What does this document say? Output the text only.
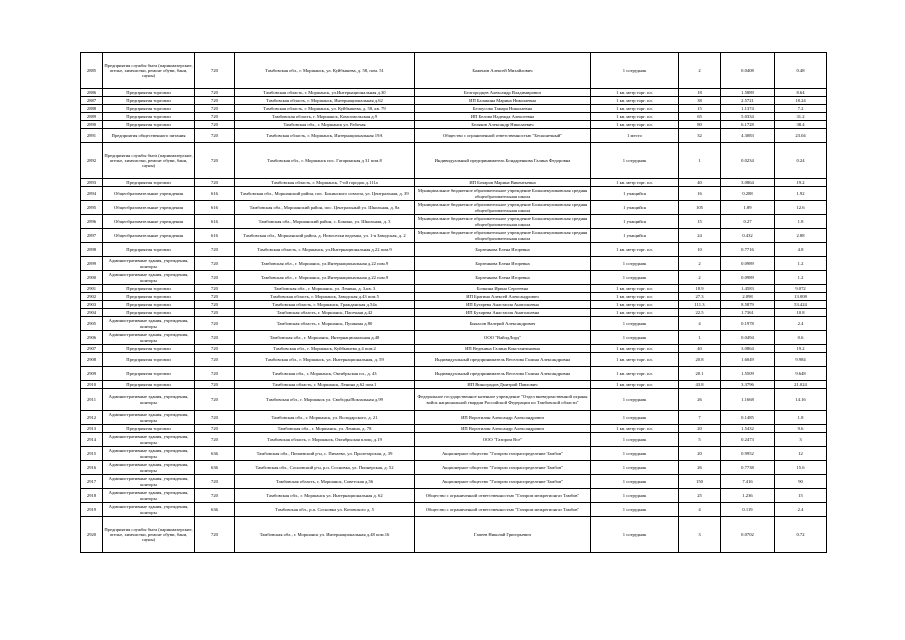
2885	Предприятия службы быта (парикмахерские, ателье, химчистки, ремонт обуви, бани, сауны)	720	Тамбовская обл., г. Моршанск, ул. Куйбышева, д. 58, пом. 51	Баженов Алексей Михайлович	1 сотрудник	2	0.0408	0.48
2886	Предприятия торговли	720	Тамбовская область, г. Моршанск, ул.Интернациональная д.30	Белгородцев Александр Владимирович	1 кв. метр торг. пл.	18	1.5889	8.64
2887	Предприятия торговли	720	Тамбовская область, г. Моршанск, Интернациональная д.62	ИП Балакина Марина Николаевна	1 кв. метр торг. пл.	38	2.5721	18.24
2888	Предприятия торговли	720	Тамбовская область, г. Моршанск, ул. Куйбышева, д. 58, кв. 79	Белоусова Тамара Николаевна	1 кв. метр торг. пл.	15	1.1374	7.2
2889	Предприятия торговли	720	Тамбовская область, г. Моршанск, Комсомольская д.9	ИП Белова Надежда Алексеевна	1 кв. метр торг. пл.	65	5.0334	31.2
2890	Предприятия торговли	720	Тамбовская обл., г. Моршанск ул. Рабочая	Беляков Александр Николаевич	1 кв. метр торг. пл.	80	6.1728	38.4
2891	Предприятия общественного питания	720	Тамбовская область, г. Моршанск, Интернациональная 19А	Общество с ограниченной ответственностью "Бесконечный"	1 место	32	4.3083	23.04
2892	Предприятия службы быта (парикмахерские, ателье, химчистки, ремонт обуви, бани, сауны)	720	Тамбовская обл., г. Моршанск пос. Гагаринская д 31 пом.8	Индивидуальный предприниматель Бондаренкова Галина Федоровна	1 сотрудник	1	0.0234	0.24
2893	Предприятия торговли	720	Тамбовская область, г. Моршанск, 7-ой городок д.111а	ИП Бочаров Марина Викентьевна	1 кв. метр торг. пл.	40	3.0864	19.2
2894	Общеобразовательные учреждения	616	Тамбовская обл., Моршанский район, пос. Бокинского совхоза, ул. Центральная, д. 39	Муниципальное бюджетное образовательное учреждение Большекуликовская средняя общеобразовательная школа	1 учащийся	16	0.288	1.92
2895	Общеобразовательные учреждения	616	Тамбовская обл., Моршанский район, пос. Центральный ул. Школьная, д. 8а	Муниципальное бюджетное образовательное учреждение Большекуликовская средняя общеобразовательная школа	1 учащийся	105	1.89	12.6
2896	Общеобразовательные учреждения	616	Тамбовская обл., Моршанский район, с. Бокино, ул. Школьная, д. 3	Муниципальное бюджетное образовательное учреждение Большекуликовская средняя общеобразовательная школа	1 учащийся	15	0.27	1.8
2897	Общеобразовательные учреждения	616	Тамбовская обл., Моршанский район, д. Новоселки ведомка, ул. 1-я Заводская, д. 2	Муниципальное бюджетное образовательное учреждение Большекуликовская средняя общеобразовательная школа	1 учащийся	24	0.432	2.88
2898	Предприятия торговли	720	Тамбовская область, г. Моршанск, ул.Интернациональная д.22 пом.9	Борзенкова Елена Игоревна	1 кв. метр торг. пл.	10	0.7716	4.8
2899	Административные здания, учреждения, конторы	720	Тамбовская обл., г. Моршанск, ул.Интернациональная д.22 пом.9	Борзенкова Елена Игоревна	1 сотрудник	2	0.0989	1.2
2900	Административные здания, учреждения, конторы	720	Тамбовская обл., г. Моршанск, ул.Интернациональная д.22 пом.9	Борзенкова Елена Игоревна	1 сотрудник	2	0.0989	1.2
2901	Предприятия торговли	720	Тамбовская обл., г. Моршанск, ул. Ленина, д. 3,кв. 3	Бочкина Ирина Сергеевна	1 кв. метр торг. пл.	18.9	1.4583	9.072
2902	Предприятия торговли	720	Тамбовская область, г. Моршанск, Заводская д.43 пом.5	ИП Брагина Алексей Александрович	1 кв. метр торг. пл.	27.3	2.098	13.008
2903	Предприятия торговли	720	Тамбовская область, г. Моршанск, Гражданская д.54а	ИП Бугарева Анастасия Анатольевна	1 кв. метр торг. пл.	111.3	8.5879	53.424
2904	Предприятия торговли	720	Тамбовская область, г. Моршанск, Пасечная д.42	ИП Бухарева Анастасия Анатольевна	1 кв. метр торг. пл.	22.5	1.7361	10.8
2905	Административные здания, учреждения, конторы	720	Тамбовская область, г. Моршанск, Пушкина д.80	Быкасов Валерий Александрович	1 сотрудник	4	0.1978	2.4
2906	Административные здания, учреждения, конторы	720	Тамбовская обл., г. Моршанск, Интернациональная д.48	ООО "ВайлдЛорд"	1 сотрудник	1	0.0494	0.6
2907	Предприятия торговли	720	Тамбовская обл., г. Моршанск, Куйбышева д.4 пом.2	ИП Веденина Галина Константиновна	1 кв. метр торг. пл.	40	3.0864	19.2
2908	Предприятия торговли	720	Тамбовская обл., г. Моршанск, ул. Интернациональная, д. 59	Индивидуальный предприниматель Веселова Галина Александровна	1 кв. метр торг. пл.	20.8	1.6049	9.984
2909	Предприятия торговли	720	Тамбовская обл., г. Моршанск, Октябрьская пл., д. 43	Индивидуальный предприниматель Веселова Галина Александровна	1 кв. метр торг. пл.	20.1	1.5509	9.648
2910	Предприятия торговли	720	Тамбовская область, г. Моршанск, Ленина д.62 пом.1	ИП Виноградов Дмитрий Павлович	1 кв. метр торг. пл.	43.8	3.3796	21.024
2911	Административные здания, учреждения, конторы	720	Тамбовская обл., г. Моршанск ул. Свободы/Вокзальная д.99	Федеральное государственное казенное учреждение "Отдел вневедомственной охраны войск национальной гвардии Российской Федерации по Тамбовской области"	1 сотрудник	26	1.1668	14.16
2912	Административные здания, учреждения, конторы	720	Тамбовская обл., г. Моршанск, ул. Володарского, д. 21	ИП Воротилин Александр Александрович	1 сотрудник	7	0.1485	1.8
2913	Предприятия торговли	720	Тамбовская обл., г. Моршанск, ул. Ленина, д. 78	ИП Воротилин Александр Александрович	1 кв. метр торг. пл.	20	1.5432	9.6
2914	Административные здания, учреждения, конторы	720	Тамбовская область, г. Моршанск, Октябрьская площ. д.19	ООО "Газпром Все"	1 сотрудник	5	0.2473	3
2915	Административные здания, учреждения, конторы	636	Тамбовская обл., Пичаевский р-н, с. Пичаево, ул. Пролетарская, д. 39	Акционерное общество "Газпром газораспределение Тамбов"	1 сотрудник	20	0.9952	12
2916	Административные здания, учреждения, конторы	636	Тамбовская обл., Сосновский р-н, р.п. Сосновка, ул. Пионерская, д. 52	Акционерное общество "Газпром газораспределение Тамбов"	1 сотрудник	26	0.7738	15.6
2917	Административные здания, учреждения, конторы	720	Тамбовская область, г. Моршанск, Советская д.56	Акционерное общество "Газпром газораспределение Тамбов"	1 сотрудник	150	7.416	90
2918	Административные здания, учреждения, конторы	720	Тамбовская обл., г. Моршанск ул. Интернациональная д. 62	Общество с ограниченной ответственностью "Газпром межрегионгаз Тамбов"	1 сотрудник	25	1.236	15
2919	Административные здания, учреждения, конторы	636	Тамбовская обл., р.п. Сосновка ул. Котовского д. 5	Общество с ограниченной ответственностью "Газпром межрегионгаз Тамбов"	1 сотрудник	4	0.119	2.4
2920	Предприятия службы быта (парикмахерские, ателье, химчистки, ремонт обуви, бани, сауны)	720	Тамбовская обл., г. Моршанск ул. Интернациональная д.48 пом.16	Гапеев Николай Григорьевич	1 сотрудник	3	0.0702	0.72
